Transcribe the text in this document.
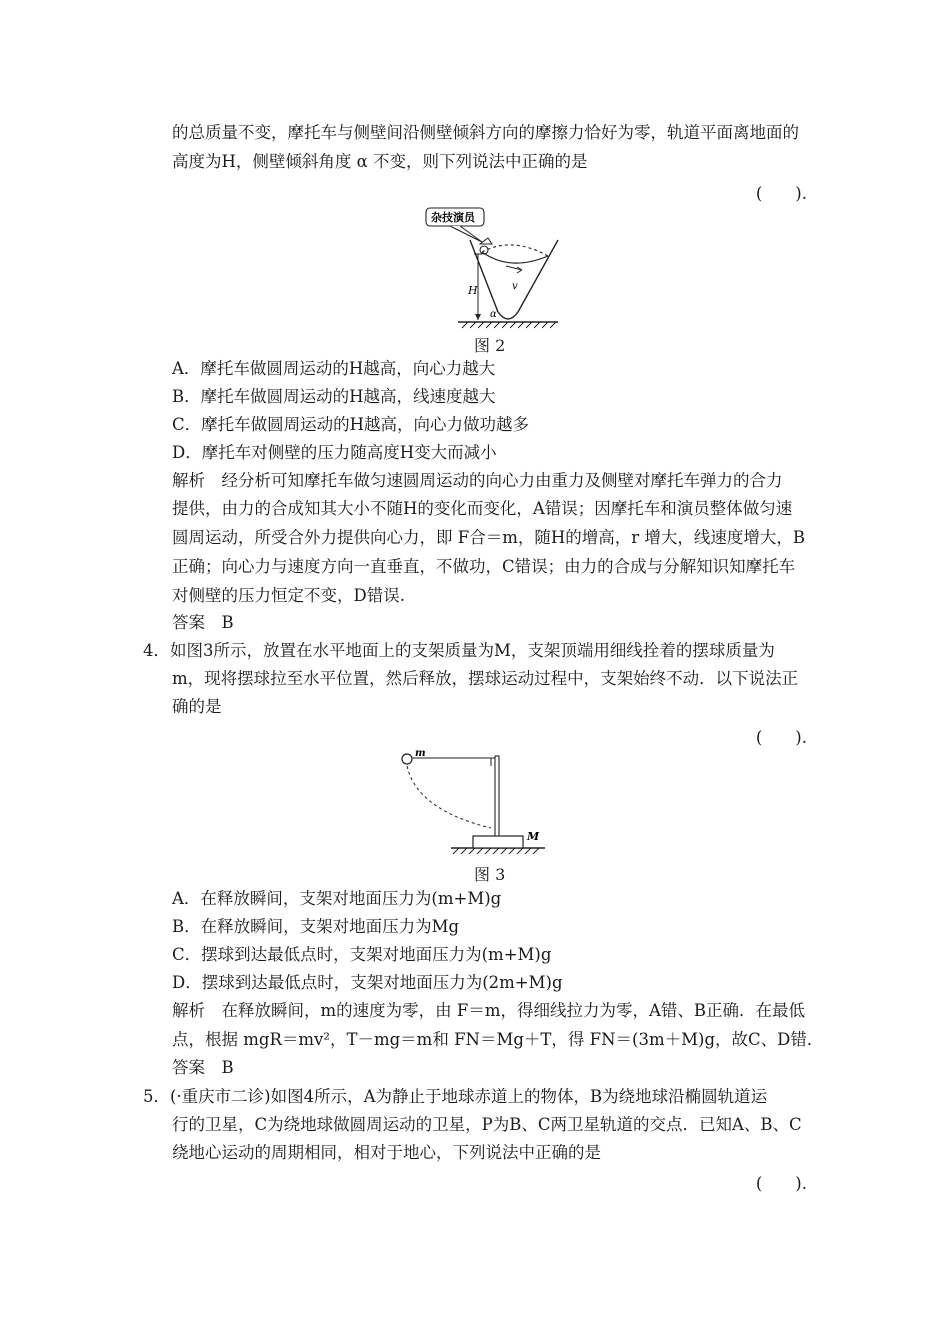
的总质量不变，摩托车与侧壁间沿侧壁倾斜方向的摩擦力恰好为零，轨道平面离地面的
高度为H，侧壁倾斜角度 α 不变，则下列说法中正确的是
(　　).
v
杂技演员
H
α
图 2
A．摩托车做圆周运动的H越高，向心力越大
B．摩托车做圆周运动的H越高，线速度越大
C．摩托车做圆周运动的H越高，向心力做功越多
D．摩托车对侧壁的压力随高度H变大而减小
解析　经分析可知摩托车做匀速圆周运动的向心力由重力及侧壁对摩托车弹力的合力
提供，由力的合成知其大小不随H的变化而变化，A错误；因摩托车和演员整体做匀速
圆周运动，所受合外力提供向心力，即 F合＝m，随H的增高，r 增大，线速度增大，B
正确；向心力与速度方向一直垂直，不做功，C错误；由力的合成与分解知识知摩托车
对侧壁的压力恒定不变，D错误.
答案　B
4．如图3所示，放置在水平地面上的支架质量为M，支架顶端用细线拴着的摆球质量为
m，现将摆球拉至水平位置，然后释放，摆球运动过程中，支架始终不动．以下说法正
确的是
(　　).
m
M
图 3
A．在释放瞬间，支架对地面压力为(m+M)g
B．在释放瞬间，支架对地面压力为Mg
C．摆球到达最低点时，支架对地面压力为(m+M)g
D．摆球到达最低点时，支架对地面压力为(2m+M)g
解析　在释放瞬间，m的速度为零，由 F＝m，得细线拉力为零，A错、B正确．在最低
点，根据 mgR＝mv²，T－mg＝m和 FN＝Mg＋T，得 FN＝(3m＋M)g，故C、D错．
答案　B
5．(·重庆市二诊)如图4所示，A为静止于地球赤道上的物体，B为绕地球沿椭圆轨道运
行的卫星，C为绕地球做圆周运动的卫星，P为B、C两卫星轨道的交点．已知A、B、C
绕地心运动的周期相同，相对于地心，下列说法中正确的是
(　　).
